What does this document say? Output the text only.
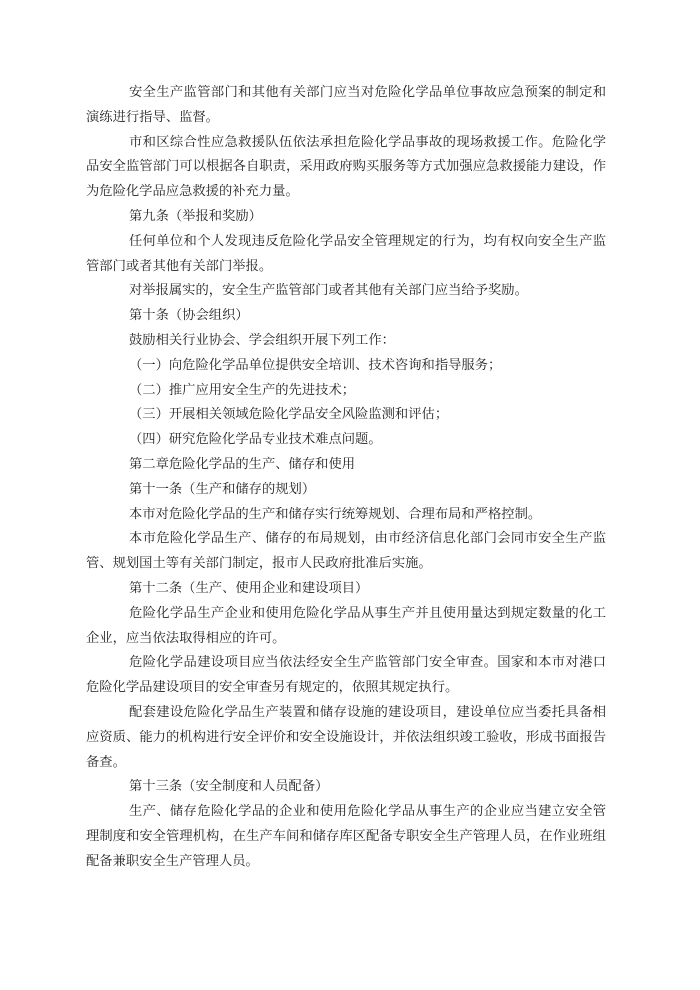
安全生产监管部门和其他有关部门应当对危险化学品单位事故应急预案的制定和演练进行指导、监督。

市和区综合性应急救援队伍依法承担危险化学品事故的现场救援工作。危险化学品安全监管部门可以根据各自职责，采用政府购买服务等方式加强应急救援能力建设，作为危险化学品应急救援的补充力量。

第九条（举报和奖励）

任何单位和个人发现违反危险化学品安全管理规定的行为，均有权向安全生产监管部门或者其他有关部门举报。

对举报属实的，安全生产监管部门或者其他有关部门应当给予奖励。

第十条（协会组织）

鼓励相关行业协会、学会组织开展下列工作：

（一）向危险化学品单位提供安全培训、技术咨询和指导服务；

（二）推广应用安全生产的先进技术；

（三）开展相关领域危险化学品安全风险监测和评估；

（四）研究危险化学品专业技术难点问题。

第二章危险化学品的生产、储存和使用

第十一条（生产和储存的规划）

本市对危险化学品的生产和储存实行统筹规划、合理布局和严格控制。

本市危险化学品生产、储存的布局规划，由市经济信息化部门会同市安全生产监管、规划国土等有关部门制定，报市人民政府批准后实施。

第十二条（生产、使用企业和建设项目）

危险化学品生产企业和使用危险化学品从事生产并且使用量达到规定数量的化工企业，应当依法取得相应的许可。

危险化学品建设项目应当依法经安全生产监管部门安全审查。国家和本市对港口危险化学品建设项目的安全审查另有规定的，依照其规定执行。

配套建设危险化学品生产装置和储存设施的建设项目，建设单位应当委托具备相应资质、能力的机构进行安全评价和安全设施设计，并依法组织竣工验收，形成书面报告备查。

第十三条（安全制度和人员配备）

生产、储存危险化学品的企业和使用危险化学品从事生产的企业应当建立安全管理制度和安全管理机构，在生产车间和储存库区配备专职安全生产管理人员，在作业班组配备兼职安全生产管理人员。
